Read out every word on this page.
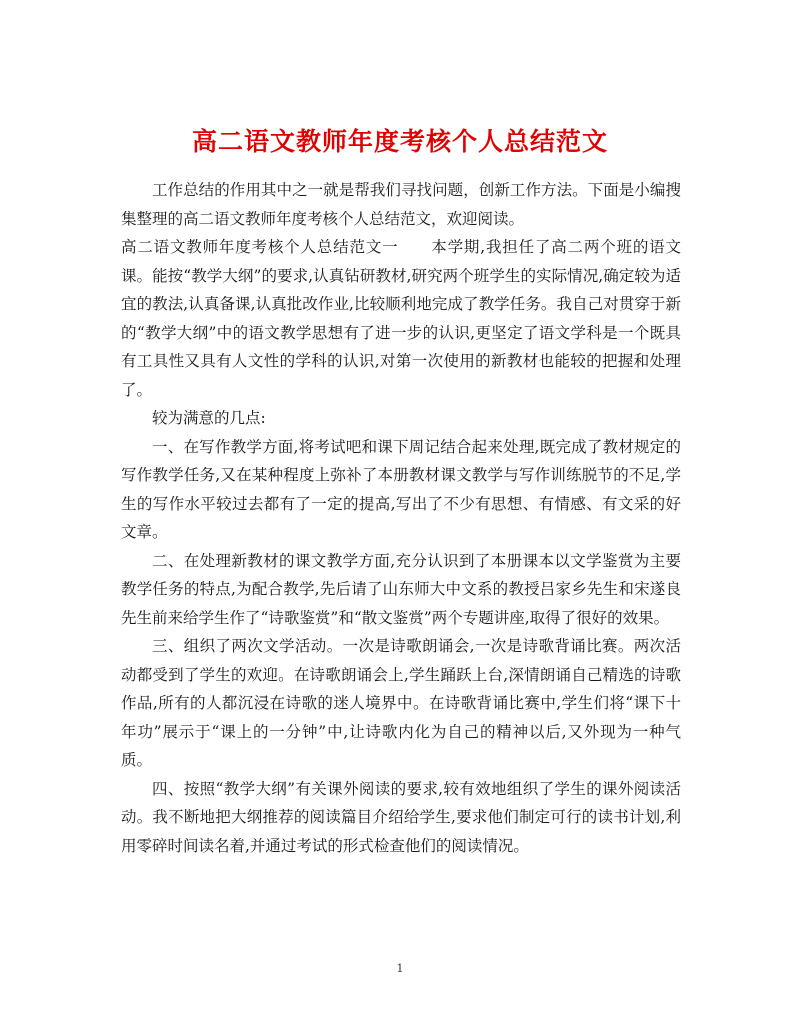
高二语文教师年度考核个人总结范文

工作总结的作用其中之一就是帮我们寻找问题，创新工作方法。下面是小编搜集整理的高二语文教师年度考核个人总结范文，欢迎阅读。

高二语文教师年度考核个人总结范文一 本学期,我担任了高二两个班的语文课。能按“教学大纲”的要求,认真钻研教材,研究两个班学生的实际情况,确定较为适宜的教法,认真备课,认真批改作业,比较顺利地完成了教学任务。我自己对贯穿于新的“教学大纲”中的语文教学思想有了进一步的认识,更坚定了语文学科是一个既具有工具性又具有人文性的学科的认识,对第一次使用的新教材也能较的把握和处理了。

较为满意的几点:

一、在写作教学方面,将考试吧和课下周记结合起来处理,既完成了教材规定的写作教学任务,又在某种程度上弥补了本册教材课文教学与写作训练脱节的不足,学生的写作水平较过去都有了一定的提高,写出了不少有思想、有情感、有文采的好文章。

二、在处理新教材的课文教学方面,充分认识到了本册课本以文学鉴赏为主要教学任务的特点,为配合教学,先后请了山东师大中文系的教授吕家乡先生和宋遂良先生前来给学生作了“诗歌鉴赏”和“散文鉴赏”两个专题讲座,取得了很好的效果。

三、组织了两次文学活动。一次是诗歌朗诵会,一次是诗歌背诵比赛。两次活动都受到了学生的欢迎。在诗歌朗诵会上,学生踊跃上台,深情朗诵自己精选的诗歌作品,所有的人都沉浸在诗歌的迷人境界中。在诗歌背诵比赛中,学生们将“课下十年功”展示于“课上的一分钟”中,让诗歌内化为自己的精神以后,又外现为一种气质。

四、按照“教学大纲”有关课外阅读的要求,较有效地组织了学生的课外阅读活动。我不断地把大纲推荐的阅读篇目介绍给学生,要求他们制定可行的读书计划,利用零碎时间读名着,并通过考试的形式检查他们的阅读情况。

1
